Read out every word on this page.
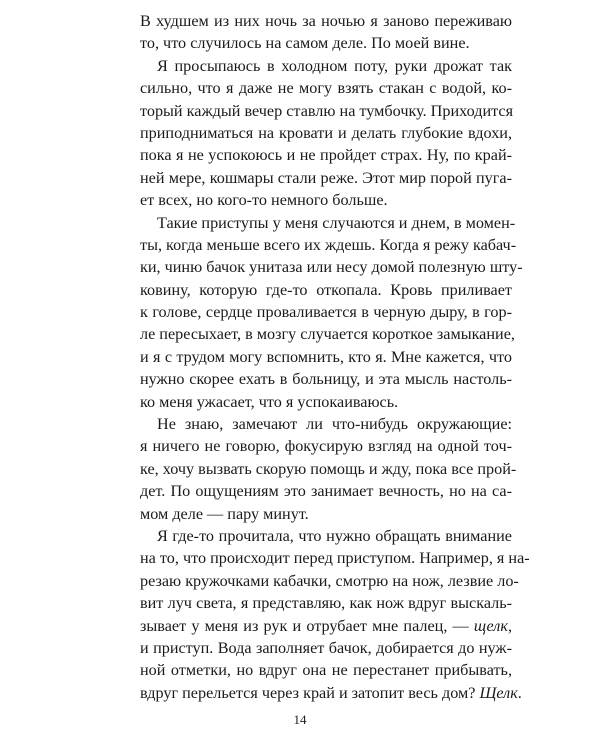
В худшем из них ночь за ночью я заново переживаю
то, что случилось на самом деле. По моей вине.
Я просыпаюсь в холодном поту, руки дрожат так
сильно, что я даже не могу взять стакан с водой, ко-
торый каждый вечер ставлю на тумбочку. Приходится
приподниматься на кровати и делать глубокие вдохи,
пока я не успокоюсь и не пройдет страх. Ну, по край-
ней мере, кошмары стали реже. Этот мир порой пуга-
ет всех, но кого-то немного больше.
Такие приступы у меня случаются и днем, в момен-
ты, когда меньше всего их ждешь. Когда я режу кабач-
ки, чиню бачок унитаза или несу домой полезную шту-
ковину, которую где-то откопала. Кровь приливает
к голове, сердце проваливается в черную дыру, в гор-
ле пересыхает, в мозгу случается короткое замыкание,
и я с трудом могу вспомнить, кто я. Мне кажется, что
нужно скорее ехать в больницу, и эта мысль настоль-
ко меня ужасает, что я успокаиваюсь.
Не знаю, замечают ли что-нибудь окружающие:
я ничего не говорю, фокусирую взгляд на одной точ-
ке, хочу вызвать скорую помощь и жду, пока все прой-
дет. По ощущениям это занимает вечность, но на са-
мом деле — пару минут.
Я где-то прочитала, что нужно обращать внимание
на то, что происходит перед приступом. Например, я на-
резаю кружочками кабачки, смотрю на нож, лезвие ло-
вит луч света, я представляю, как нож вдруг выскаль-
зывает у меня из рук и отрубает мне палец, — щелк,
и приступ. Вода заполняет бачок, добирается до нуж-
ной отметки, но вдруг она не перестанет прибывать,
вдруг перельется через край и затопит весь дом? Щелк.
14
